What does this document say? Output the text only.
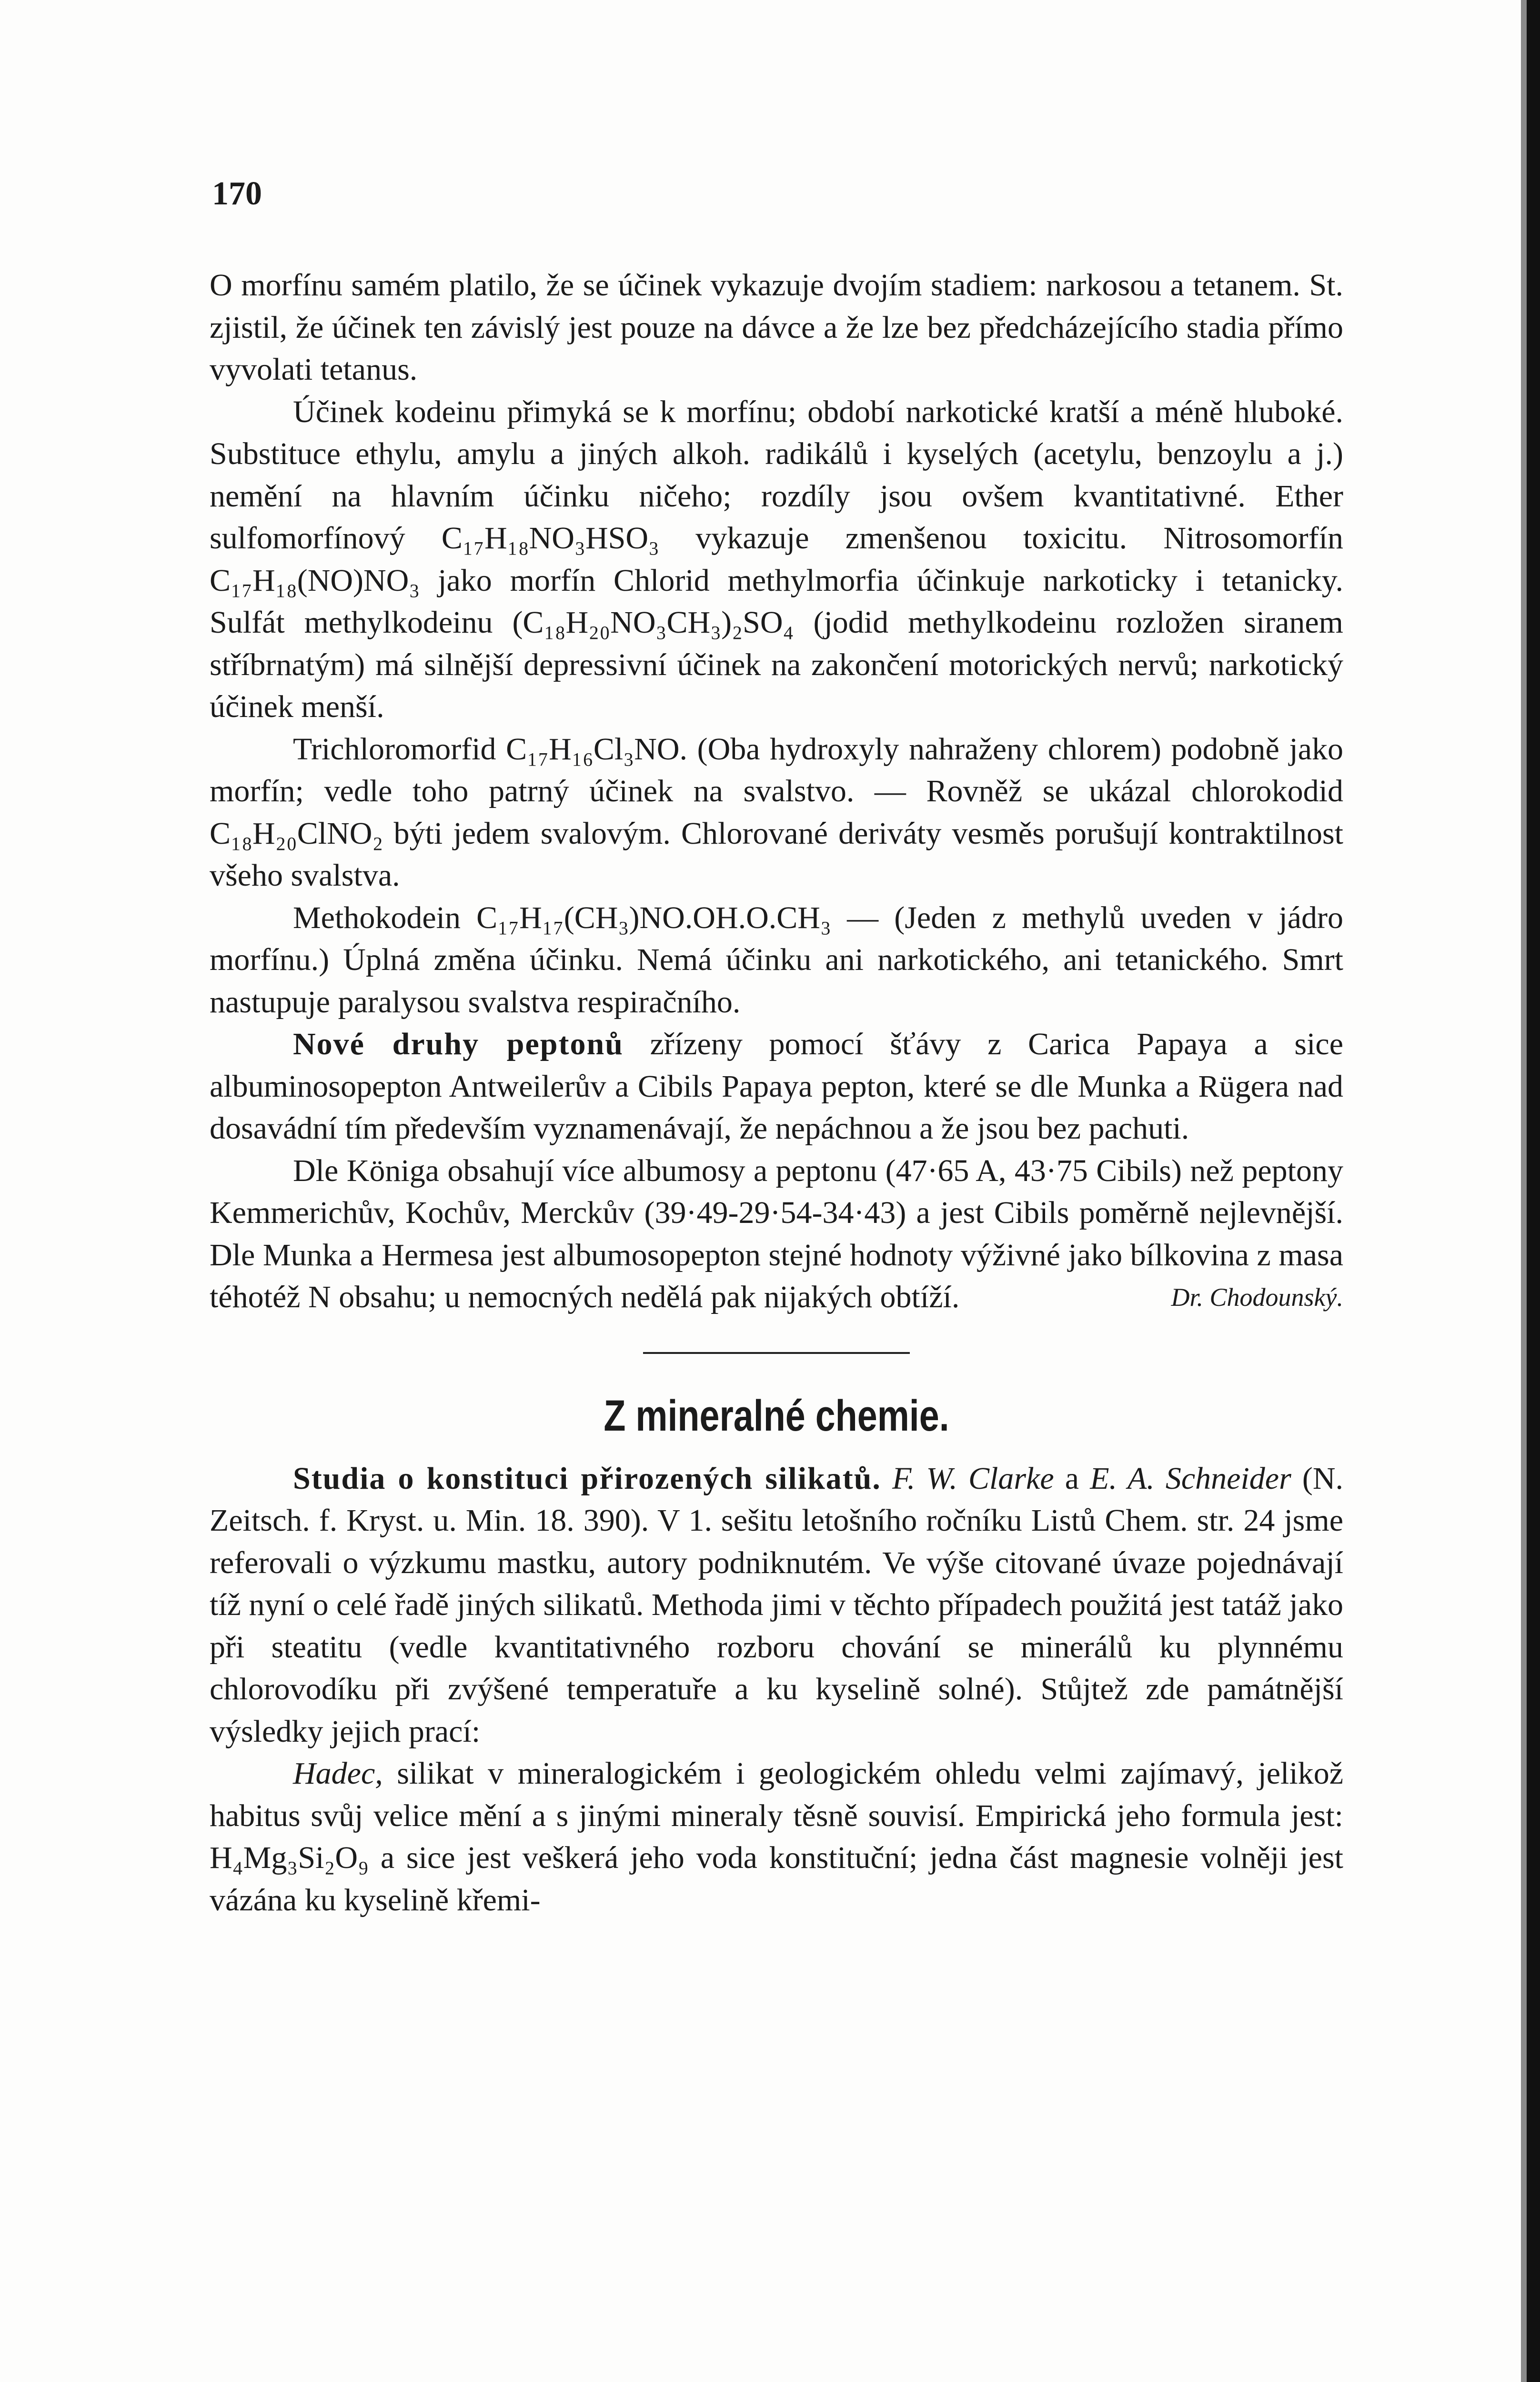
170

O morfínu samém platilo, že se účinek vykazuje dvojím stadiem: narkosou a tetanem. St. zjistil, že účinek ten závislý jest pouze na dávce a že lze bez předcházejícího stadia přímo vyvolati tetanus.

Účinek kodeinu přimyká se k morfínu; období narkotické kratší a méně hluboké. Substituce ethylu, amylu a jiných alkoh. radikálů i kyselých (acetylu, benzoylu a j.) nemění na hlavním účinku ničeho; rozdíly jsou ovšem kvantitativné. Ether sulfomorfínový C₁₇H₁₈NO₃HSO₃ vykazuje zmenšenou toxicitu. Nitrosomorfín C₁₇H₁₈(NO)NO₃ jako morfín Chlorid methylmorfia účinkuje narkoticky i tetanicky. Sulfát methylkodeinu (C₁₈H₂₀NO₃CH₃)₂SO₄ (jodid methylkodeinu rozložen siranem stříbrnatým) má silnější depressivní účinek na zakončení motorických nervů; narkotický účinek menší.

Trichloromorfid C₁₇H₁₆Cl₃NO. (Oba hydroxyly nahraženy chlorem) podobně jako morfín; vedle toho patrný účinek na svalstvo. — Rovněž se ukázal chlorokodid C₁₈H₂₀ClNO₂ býti jedem svalovým. Chlorované deriváty vesměs porušují kontraktilnost všeho svalstva.

Methokodein C₁₇H₁₇(CH₃)NO.OH.O.CH₃ — (Jeden z methylů uveden v jádro morfínu.) Úplná změna účinku. Nemá účinku ani narkotického, ani tetanického. Smrt nastupuje paralysou svalstva respiračního.

Nové druhy peptonů zřízeny pomocí šťávy z Carica Papaya a sice albuminosopepton Antweilerův a Cibils Papaya pepton, které se dle Munka a Rügera nad dosavádní tím především vyznamenávají, že nepáchnou a že jsou bez pachuti.

Dle Königa obsahují více albumosy a peptonu (47·65 A, 43·75 Cibils) než peptony Kemmerichův, Kochův, Merckův (39·49-29·54-34·43) a jest Cibils poměrně nejlevnější. Dle Munka a Hermesa jest albumosopepton stejné hodnoty výživné jako bílkovina z masa téhotéž N obsahu; u nemocných nedělá pak nijakých obtíží.	Dr. Chodounský.

Z mineralné chemie.

Studia o konstituci přirozených silikatů. F. W. Clarke a E. A. Schneider (N. Zeitsch. f. Kryst. u. Min. 18. 390). V 1. sešitu letošního ročníku Listů Chem. str. 24 jsme referovali o výzkumu mastku, autory podniknutém. Ve výše citované úvaze pojednávají tíž nyní o celé řadě jiných silikatů. Methoda jimi v těchto případech použitá jest tatáž jako při steatitu (vedle kvantitativného rozboru chování se minerálů ku plynnému chlorovodíku při zvýšené temperatuře a ku kyselině solné). Stůjtež zde památnější výsledky jejich prací:

Hadec, silikat v mineralogickém i geologickém ohledu velmi zajímavý, jelikož habitus svůj velice mění a s jinými mineraly těsně souvisí. Empirická jeho formula jest: H₄Mg₃Si₂O₉ a sice jest veškerá jeho voda konstituční; jedna část magnesie volněji jest vázána ku kyselině křemi-
